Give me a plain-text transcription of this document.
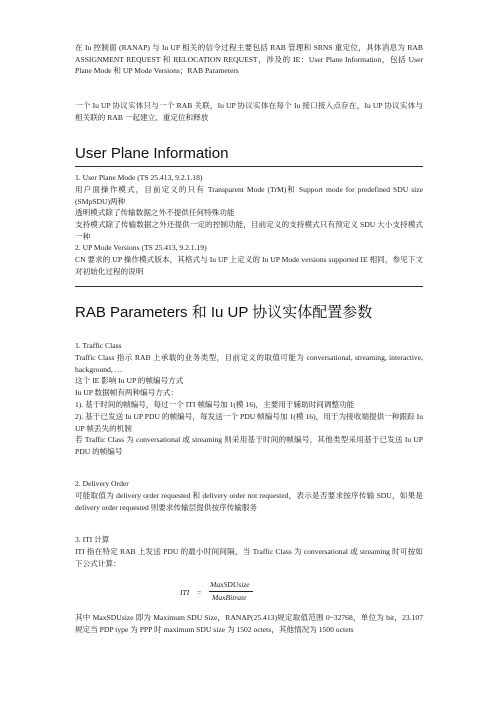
在 Iu 控制面 (RANAP) 与 Iu UP 相关的信令过程主要包括 RAB 管理和 SRNS 重定位，具体消息为 RAB ASSIGNMENT REQUEST 和 RELOCATION REQUEST，涉及的 IE：User Plane Information，包括 User Plane Mode 和 UP Mode Versions；RAB Parameters

一个 Iu UP 协议实体只与一个 RAB 关联，Iu UP 协议实体在每个 Iu 接口接入点存在，Iu UP 协议实体与相关联的 RAB 一起建立、重定位和释放

User Plane Information

1. User Plane Mode (TS 25.413, 9.2.1.18)

用户面操作模式，目前定义的只有 Transparent Mode (TrM)和 Support mode for predefined SDU size (SMpSDU)两种

透明模式除了传输数据之外不提供任何特殊功能

支持模式除了传输数据之外还提供一定的控制功能，目前定义的支持模式只有预定义 SDU 大小支持模式一种

2. UP Mode Versions (TS 25.413, 9.2.1.19)

CN 要求的 UP 操作模式版本，其格式与 Iu UP 上定义的 Iu UP Mode versions supported IE 相同，参见下文对初始化过程的说明

RAB Parameters 和 Iu UP 协议实体配置参数

1. Traffic Class

Traffic Class 指示 RAB 上承载的业务类型，目前定义的取值可能为 conversational, streaming, interactive, background, …

这个 IE 影响 Iu UP 的帧编号方式

Iu UP 数据帧有两种编号方式：

1). 基于时间的帧编号，每过一个 ITI 帧编号加 1(模 16)，主要用于辅助时间调整功能

2). 基于已发送 Iu UP PDU 的帧编号，每发送一个 PDU 帧编号加 1(模 16)，用于为接收端提供一种跟踪 Iu UP 帧丢失的机制

若 Traffic Class 为 conversational 或 streaming 则采用基于时间的帧编号，其他类型采用基于已发送 Iu UP PDU 的帧编号

2. Delivery Order

可能取值为 delivery order requested 和 delivery order not requested，表示是否要求按序传输 SDU，如果是 delivery order requested 则要求传输层提供按序传输服务

3. ITI 计算

ITI 指在特定 RAB 上发送 PDU 的最小时间间隔，当 Traffic Class 为 conversational 或 streaming 时可按如下公式计算：

ITI =
MaxSDUsize
MaxBitrate

其中 MaxSDUsize 即为 Maximum SDU Size，RANAP(25.413)规定取值范围 0~32768，单位为 bit，23.107 规定当 PDP type 为 PPP 时 maximum SDU size 为 1502 octets，其他情况为 1500 octets
